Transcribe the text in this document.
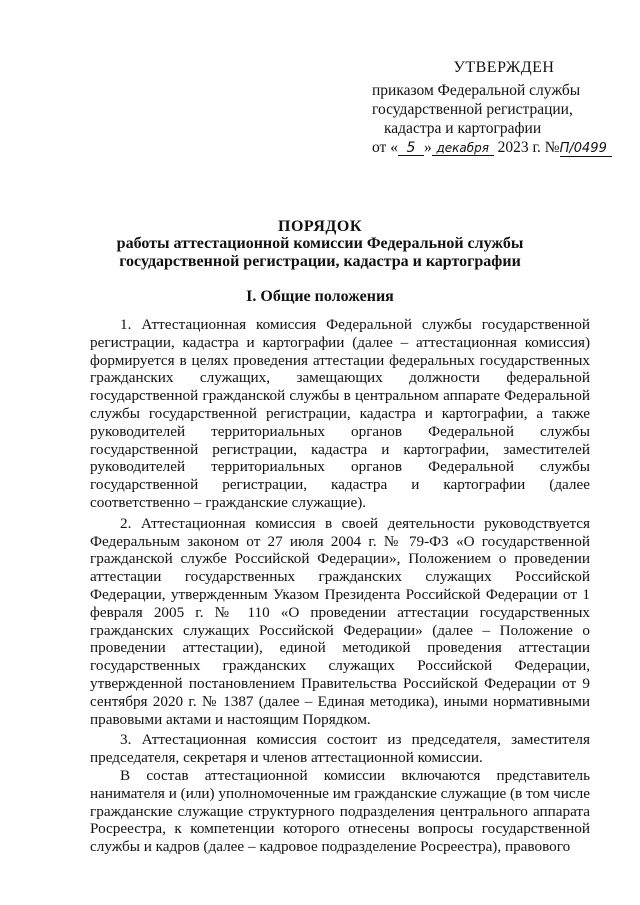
УТВЕРЖДЕН
приказом Федеральной службы
государственной регистрации,
кадастра и картографии
от « 5 » декабря 2023 г. №П/0499
ПОРЯДОК
работы аттестационной комиссии Федеральной службы
государственной регистрации, кадастра и картографии
I. Общие положения

1. Аттестационная комиссия Федеральной службы государственной регистрации, кадастра и картографии (далее – аттестационная комиссия) формируется в целях проведения аттестации федеральных государственных гражданских служащих, замещающих должности федеральной государственной гражданской службы в центральном аппарате Федеральной службы государственной регистрации, кадастра и картографии, а также руководителей территориальных органов Федеральной службы государственной регистрации, кадастра и картографии, заместителей руководителей территориальных органов Федеральной службы государственной регистрации, кадастра и картографии (далее соответственно – гражданские служащие).

2. Аттестационная комиссия в своей деятельности руководствуется Федеральным законом от 27 июля 2004 г. № 79-ФЗ «О государственной гражданской службе Российской Федерации», Положением о проведении аттестации государственных гражданских служащих Российской Федерации, утвержденным Указом Президента Российской Федерации от 1 февраля 2005 г. № 110 «О проведении аттестации государственных гражданских служащих Российской Федерации» (далее – Положение о проведении аттестации), единой методикой проведения аттестации государственных гражданских служащих Российской Федерации, утвержденной постановлением Правительства Российской Федерации от 9 сентября 2020 г. № 1387 (далее – Единая методика), иными нормативными правовыми актами и настоящим Порядком.

3. Аттестационная комиссия состоит из председателя, заместителя председателя, секретаря и членов аттестационной комиссии.

В состав аттестационной комиссии включаются представитель нанимателя и (или) уполномоченные им гражданские служащие (в том числе гражданские служащие структурного подразделения центрального аппарата Росреестра, к компетенции которого отнесены вопросы государственной службы и кадров (далее – кадровое подразделение Росреестра), правового
